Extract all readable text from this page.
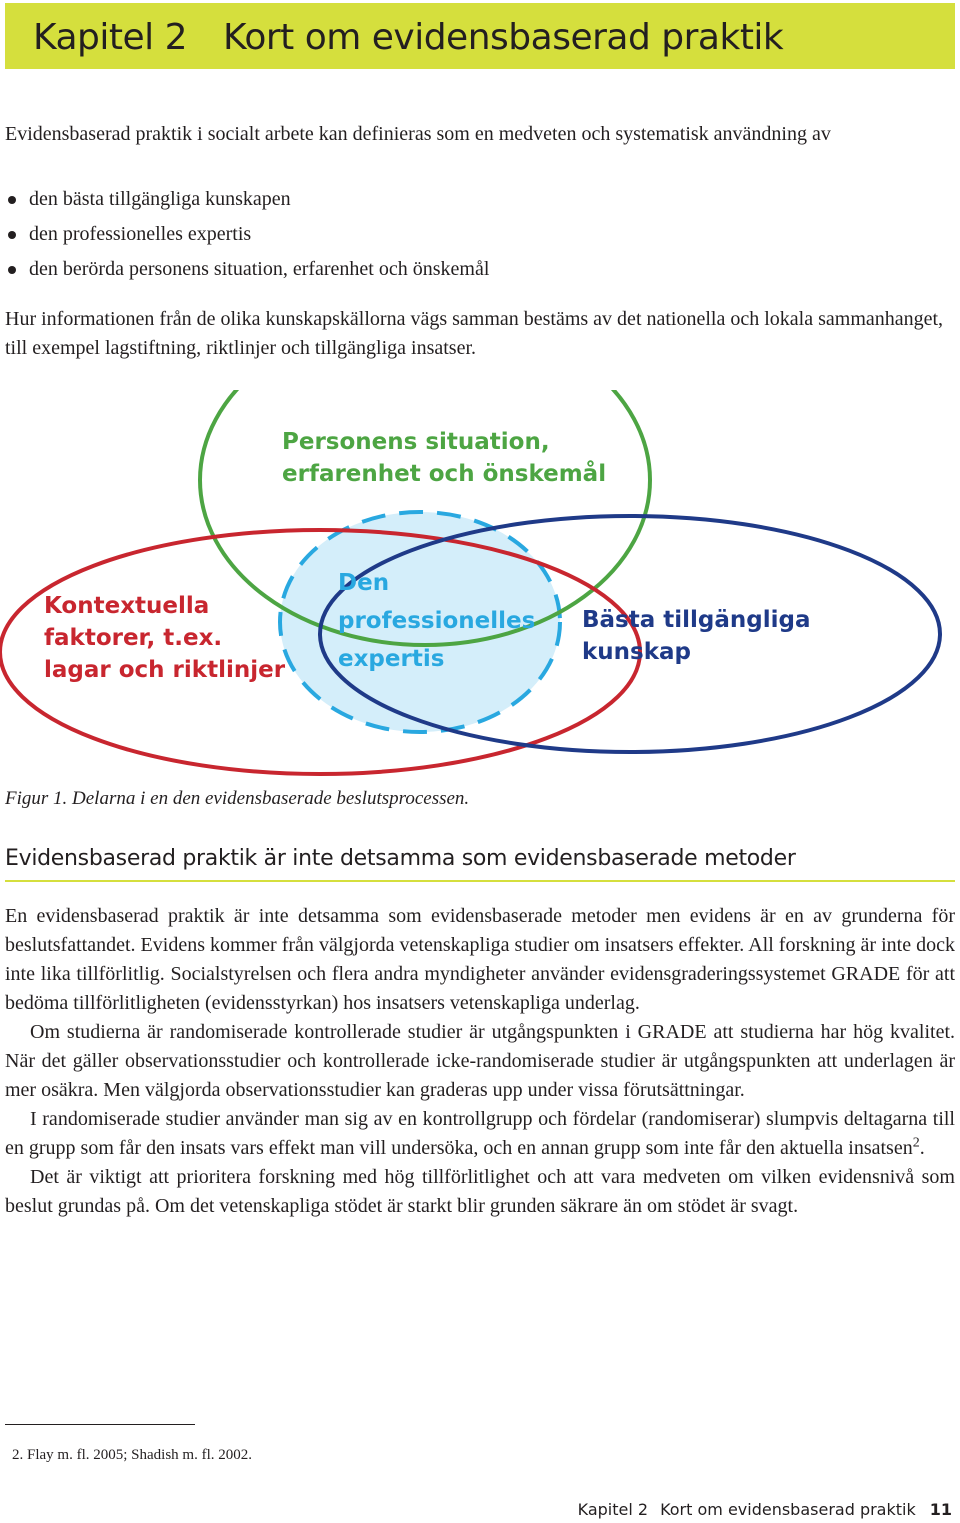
Kapitel 2 Kort om evidensbaserad praktik
Evidensbaserad praktik i socialt arbete kan definieras som en medveten och systematisk användning av
den bästa tillgängliga kunskapen
den professionelles expertis
den berörda personens situation, erfarenhet och önskemål
Hur informationen från de olika kunskapskällorna vägs samman bestäms av det nationella och lokala sammanhanget, till exempel lagstiftning, riktlinjer och tillgängliga insatser.
Personens situation,
erfarenhet och önskemål
Kontextuella
faktorer, t.ex.
lagar och riktlinjer
Den
professionelles
expertis
Bästa tillgängliga
kunskap
Figur 1. Delarna i en den evidensbaserade beslutsprocessen.
Evidensbaserad praktik är inte detsamma som evidensbaserade metoder

En evidensbaserad praktik är inte detsamma som evidensbaserade metoder men evidens är en av grunderna för beslutsfattandet. Evidens kommer från välgjorda vetenskapliga studier om insatsers effekter. All forskning är inte dock inte lika tillförlitlig. Socialstyrelsen och flera andra myndigheter använder evidensgraderingssystemet GRADE för att bedöma tillförlitligheten (evidensstyrkan) hos insatsers vetenskapliga underlag.

Om studierna är randomiserade kontrollerade studier är utgångspunkten i GRADE att studierna har hög kvalitet. När det gäller observationsstudier och kontrollerade icke-randomiserade studier är utgångspunkten att underlagen är mer osäkra. Men välgjorda observationsstudier kan graderas upp under vissa förutsättningar.

I randomiserade studier använder man sig av en kontrollgrupp och fördelar (randomiserar) slumpvis deltagarna till en grupp som får den insats vars effekt man vill undersöka, och en annan grupp som inte får den aktuella insatsen$^2$.

Det är viktigt att prioritera forskning med hög tillförlitlighet och att vara medveten om vilken evidensnivå som beslut grundas på. Om det vetenskapliga stödet är starkt blir grunden säkrare än om stödet är svagt.

2. Flay m. fl. 2005; Shadish m. fl. 2002.
Kapitel 2 Kort om evidensbaserad praktik 11
